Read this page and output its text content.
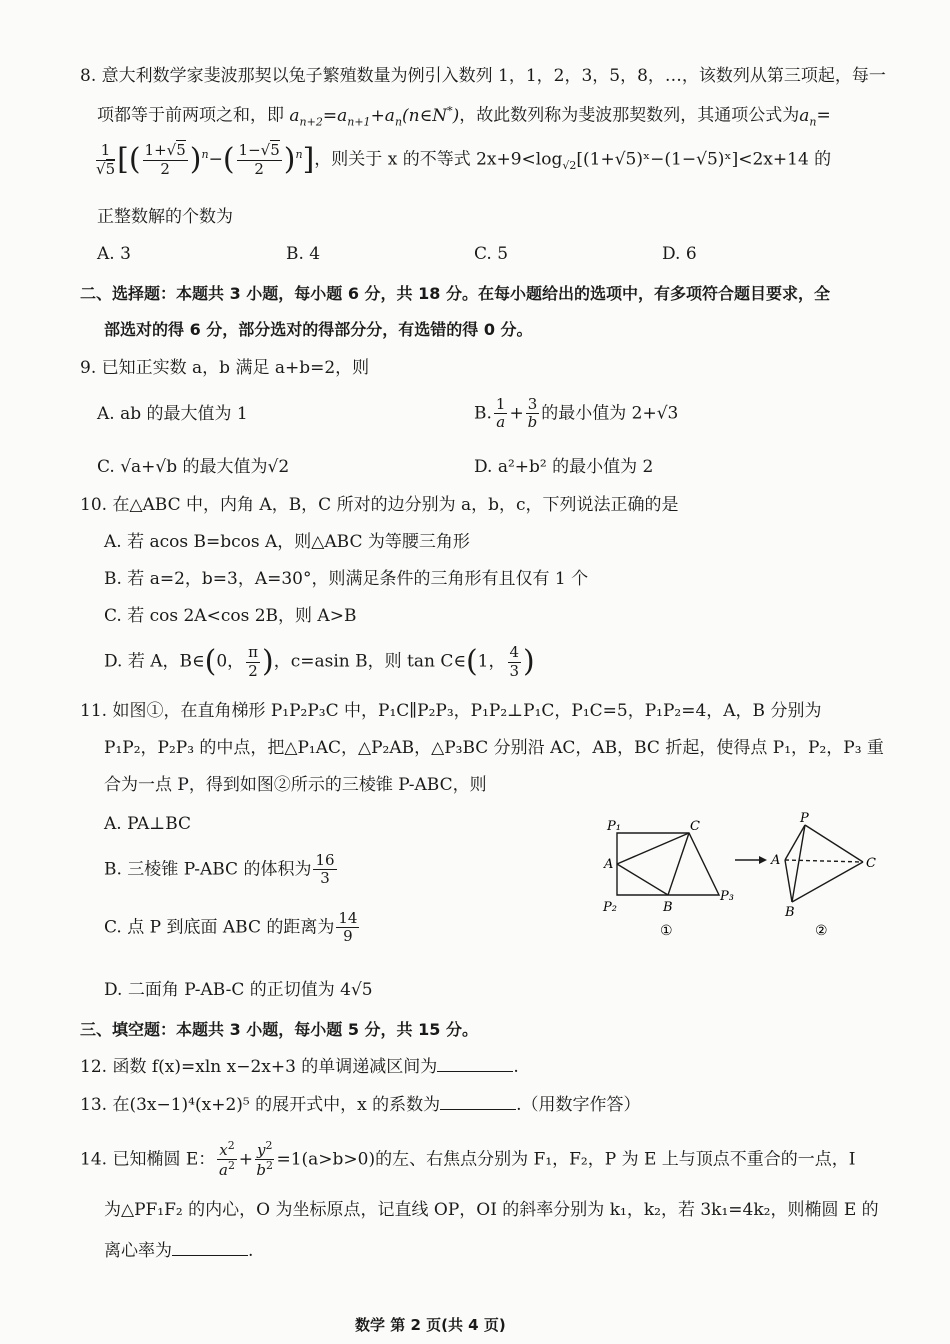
8. 意大利数学家斐波那契以兔子繁殖数量为例引入数列 1，1，2，3，5，8，…，该数列从第三项起，每一
项都等于前两项之和，即 $a_{n+2}=a_{n+1}+a_n(n\in N^*)$，故此数列称为斐波那契数列，其通项公式为$a_n=$
$\frac{1}{√5}$ [( $\frac{1+√5}{2} )^n-( \frac{1-√5}{2} )^n$]，则关于 x 的不等式 $2x+9<\log_{√2}[(1+√5)ˣ-(1-√5)ˣ]<2x+14$ 的
正整数解的个数为
A. 3	B. 4	C. 5	D. 6
二、选择题：本题共 3 小题，每小题 6 分，共 18 分。在每小题给出的选项中，有多项符合题目要求，全
部选对的得 6 分，部分选对的得部分分，有选错的得 0 分。
9. 已知正实数 a，b 满足 a+b=2，则
A. ab 的最大值为 1	B. $\frac{1}{a} + \frac{3}{b}$ 的最小值为 2+√3
C. √a+√b 的最大值为√2	D. a²+b² 的最小值为 2
10. 在△ABC 中，内角 A，B，C 所对的边分别为 a，b，c，下列说法正确的是
A. 若 acos B=bcos A，则△ABC 为等腰三角形
B. 若 a=2，b=3，A=30°，则满足条件的三角形有且仅有 1 个
C. 若 cos 2A<cos 2B，则 A>B
D. 若 A，B∈(0， $\frac{\pi}{2}$ )，c=asin B，则 tan C∈(1， $\frac{4}{3}$ )
11. 如图①，在直角梯形 P₁P₂P₃C 中，P₁C∥P₂P₃，P₁P₂⊥P₁C，P₁C=5，P₁P₂=4，A，B 分别为
P₁P₂，P₂P₃ 的中点，把△P₁AC，△P₂AB，△P₃BC 分别沿 AC，AB，BC 折起，使得点 P₁，P₂，P₃ 重
合为一点 P，得到如图②所示的三棱锥 P-ABC，则
A. PA⊥BC
B. 三棱锥 P-ABC 的体积为 $\frac{16}{3}$
C. 点 P 到底面 ABC 的距离为 $\frac{14}{9}$
D. 二面角 P-AB-C 的正切值为 4√5
P₁	C
A
P₂	B
P₃
①
P
A	C
B
②
三、填空题：本题共 3 小题，每小题 5 分，共 15 分。
12. 函数 f(x)=xln x−2x+3 的单调递减区间为	.
13. 在(3x−1)⁴(x+2)⁵ 的展开式中，x 的系数为	.（用数字作答）
14. 已知椭圆 E： $\frac{x^2}{a^2} + \frac{y^2}{b^2} =1(a>b>0)$的左、右焦点分别为 F₁，F₂，P 为 E 上与顶点不重合的一点，I
为△PF₁F₂ 的内心，O 为坐标原点，记直线 OP，OI 的斜率分别为 k₁，k₂，若 3k₁=4k₂，则椭圆 E 的
离心率为	.
数学 第 2 页(共 4 页)
